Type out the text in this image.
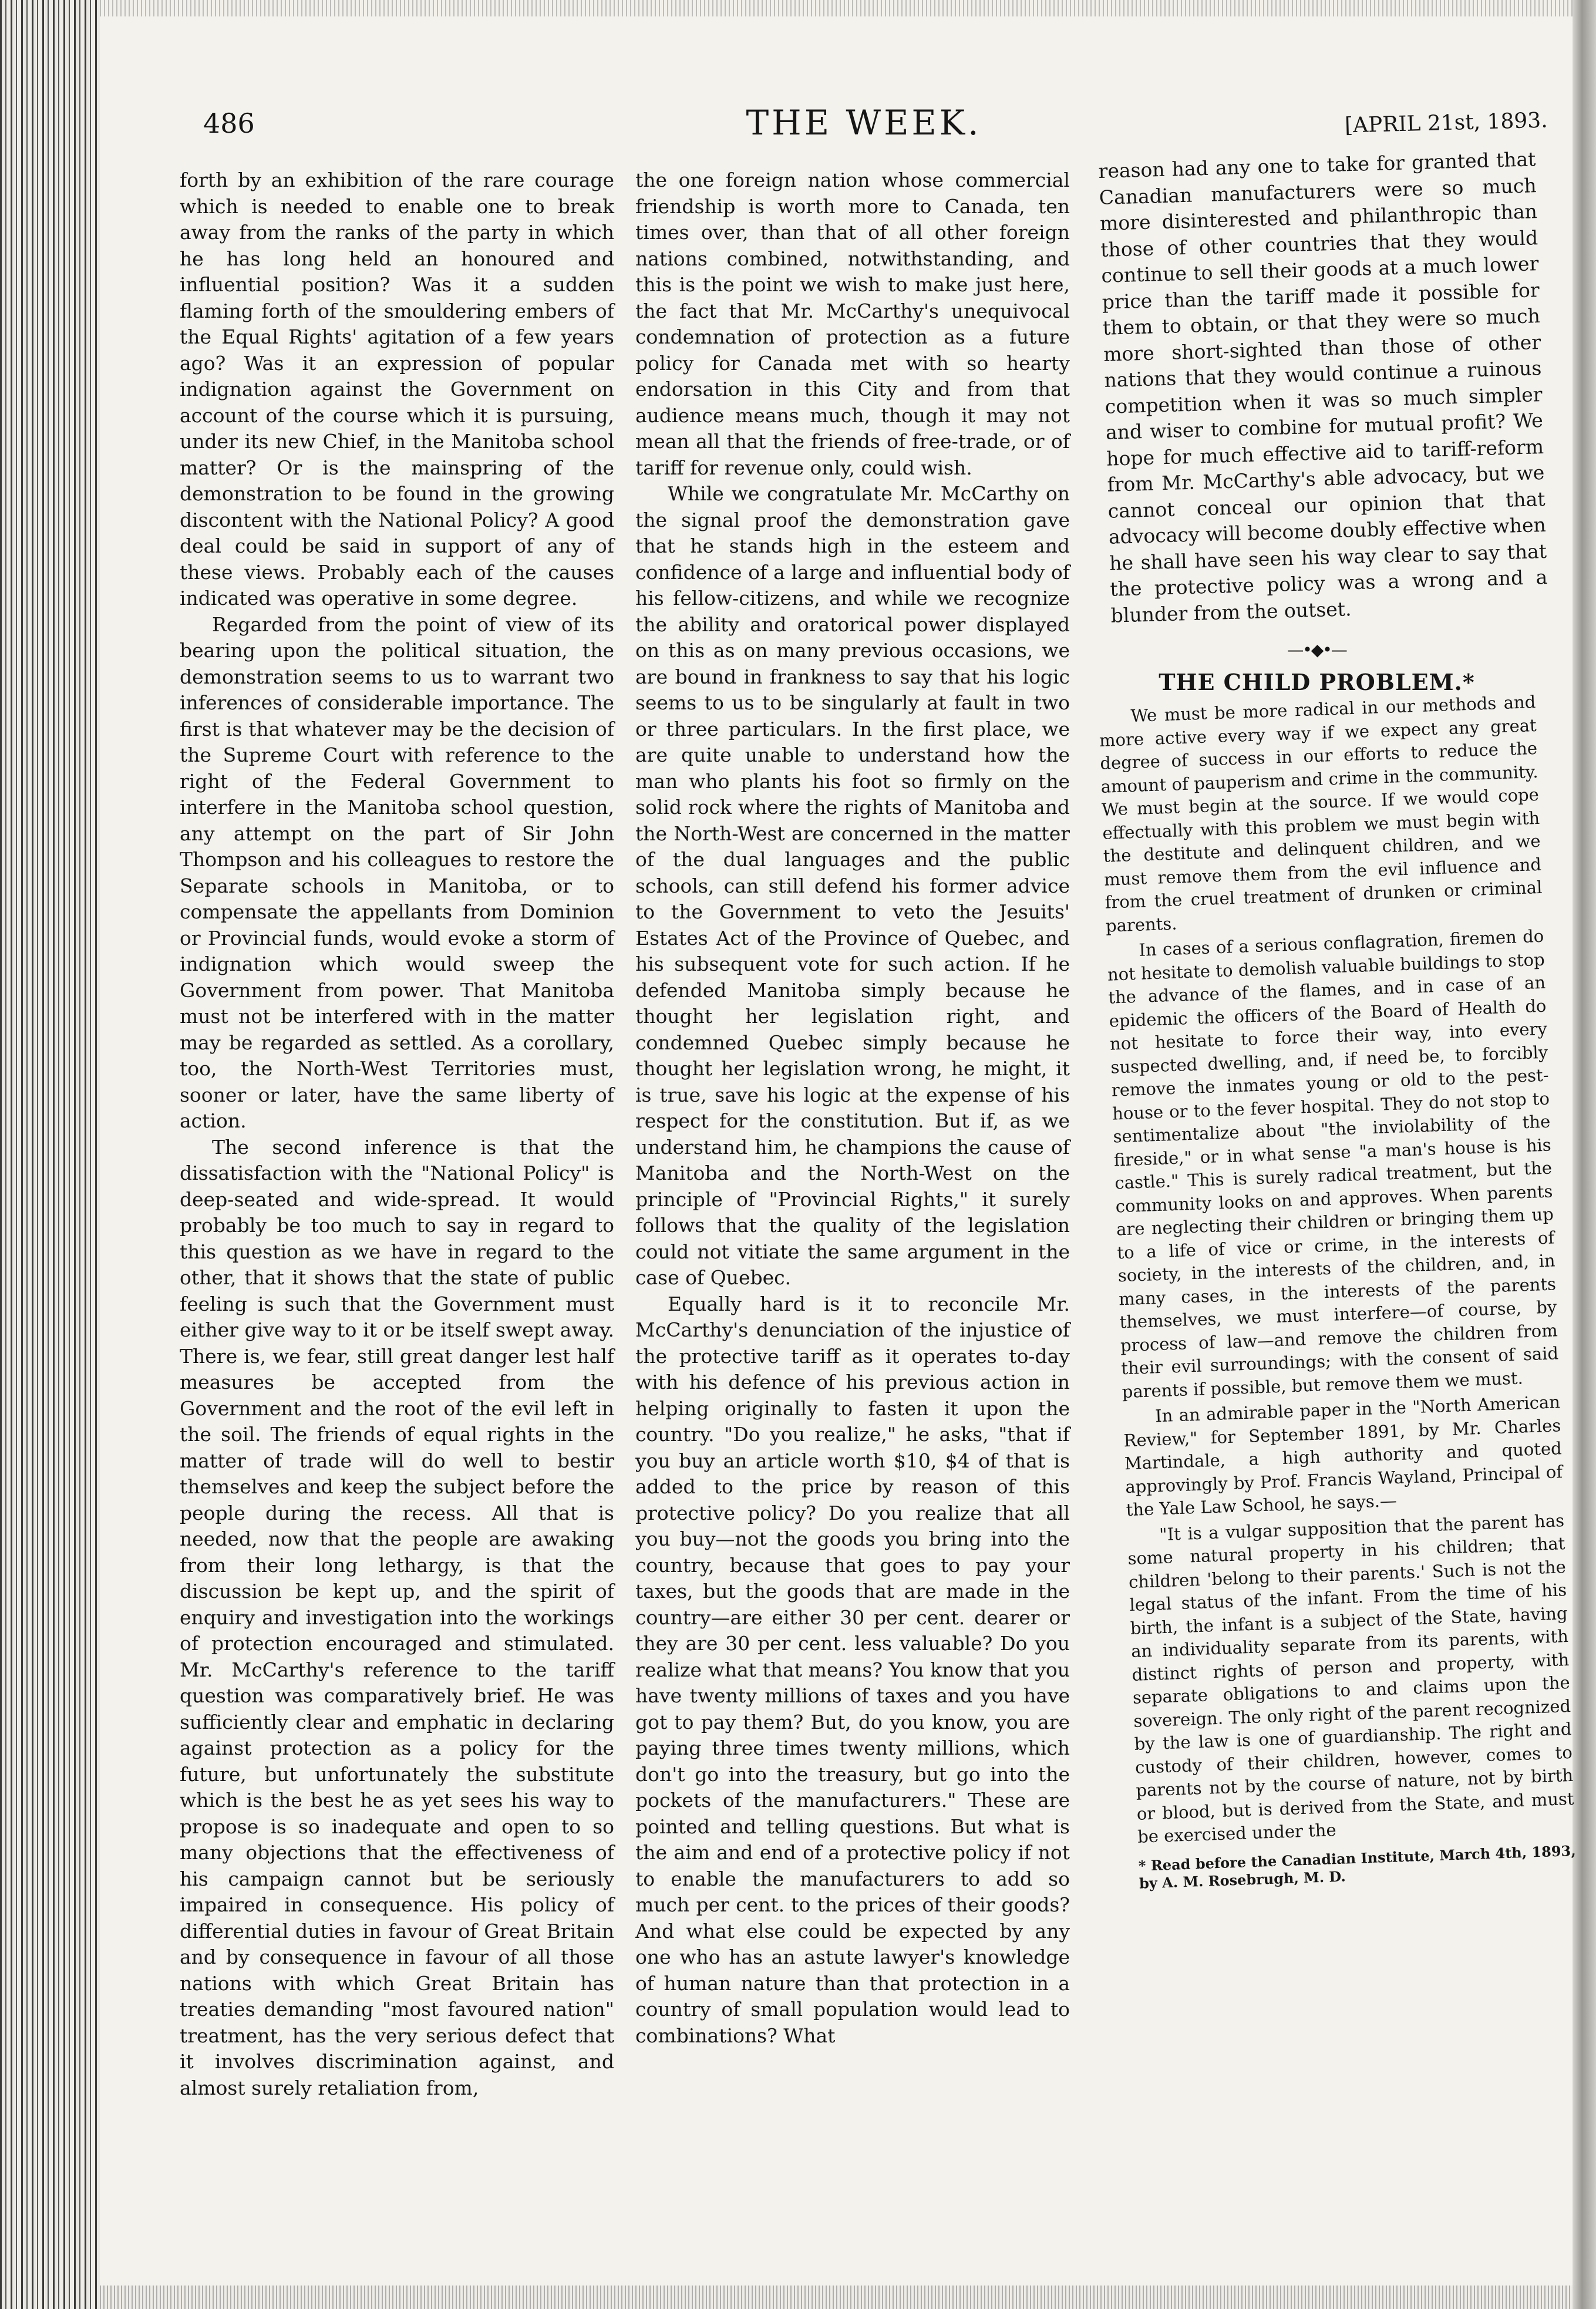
486	THE WEEK.	[APRIL 21st, 1893.

forth by an exhibition of the rare courage which is needed to enable one to break away from the ranks of the party in which he has long held an honoured and influential position? Was it a sudden flaming forth of the smouldering embers of the Equal Rights' agitation of a few years ago? Was it an expression of popular indignation against the Government on account of the course which it is pursuing, under its new Chief, in the Manitoba school matter? Or is the mainspring of the demonstration to be found in the growing discontent with the National Policy? A good deal could be said in support of any of these views. Probably each of the causes indicated was operative in some degree.

Regarded from the point of view of its bearing upon the political situation, the demonstration seems to us to warrant two inferences of considerable importance. The first is that whatever may be the decision of the Supreme Court with reference to the right of the Federal Government to interfere in the Manitoba school question, any attempt on the part of Sir John Thompson and his colleagues to restore the Separate schools in Manitoba, or to compensate the appellants from Dominion or Provincial funds, would evoke a storm of indignation which would sweep the Government from power. That Manitoba must not be interfered with in the matter may be regarded as settled. As a corollary, too, the North-West Territories must, sooner or later, have the same liberty of action.

The second inference is that the dissatisfaction with the "National Policy" is deep-seated and wide-spread. It would probably be too much to say in regard to this question as we have in regard to the other, that it shows that the state of public feeling is such that the Government must either give way to it or be itself swept away. There is, we fear, still great danger lest half measures be accepted from the Government and the root of the evil left in the soil. The friends of equal rights in the matter of trade will do well to bestir themselves and keep the subject before the people during the recess. All that is needed, now that the people are awaking from their long lethargy, is that the discussion be kept up, and the spirit of enquiry and investigation into the workings of protection encouraged and stimulated. Mr. McCarthy's reference to the tariff question was comparatively brief. He was sufficiently clear and emphatic in declaring against protection as a policy for the future, but unfortunately the substitute which is the best he as yet sees his way to propose is so inadequate and open to so many objections that the effectiveness of his campaign cannot but be seriously impaired in consequence. His policy of differential duties in favour of Great Britain and by consequence in favour of all those nations with which Great Britain has treaties demanding "most favoured nation" treatment, has the very serious defect that it involves discrimination against, and almost surely retaliation from,

the one foreign nation whose commercial friendship is worth more to Canada, ten times over, than that of all other foreign nations combined, notwithstanding, and this is the point we wish to make just here, the fact that Mr. McCarthy's unequivocal condemnation of protection as a future policy for Canada met with so hearty endorsation in this City and from that audience means much, though it may not mean all that the friends of free-trade, or of tariff for revenue only, could wish.

While we congratulate Mr. McCarthy on the signal proof the demonstration gave that he stands high in the esteem and confidence of a large and influential body of his fellow-citizens, and while we recognize the ability and oratorical power displayed on this as on many previous occasions, we are bound in frankness to say that his logic seems to us to be singularly at fault in two or three particulars. In the first place, we are quite unable to understand how the man who plants his foot so firmly on the solid rock where the rights of Manitoba and the North-West are concerned in the matter of the dual languages and the public schools, can still defend his former advice to the Government to veto the Jesuits' Estates Act of the Province of Quebec, and his subsequent vote for such action. If he defended Manitoba simply because he thought her legislation right, and condemned Quebec simply because he thought her legislation wrong, he might, it is true, save his logic at the expense of his respect for the constitution. But if, as we understand him, he champions the cause of Manitoba and the North-West on the principle of "Provincial Rights," it surely follows that the quality of the legislation could not vitiate the same argument in the case of Quebec.

Equally hard is it to reconcile Mr. McCarthy's denunciation of the injustice of the protective tariff as it operates to-day with his defence of his previous action in helping originally to fasten it upon the country. "Do you realize," he asks, "that if you buy an article worth $10, $4 of that is added to the price by reason of this protective policy? Do you realize that all you buy—not the goods you bring into the country, because that goes to pay your taxes, but the goods that are made in the country—are either 30 per cent. dearer or they are 30 per cent. less valuable? Do you realize what that means? You know that you have twenty millions of taxes and you have got to pay them? But, do you know, you are paying three times twenty millions, which don't go into the treasury, but go into the pockets of the manufacturers." These are pointed and telling questions. But what is the aim and end of a protective policy if not to enable the manufacturers to add so much per cent. to the prices of their goods? And what else could be expected by any one who has an astute lawyer's knowledge of human nature than that protection in a country of small population would lead to combinations? What

reason had any one to take for granted that Canadian manufacturers were so much more disinterested and philanthropic than those of other countries that they would continue to sell their goods at a much lower price than the tariff made it possible for them to obtain, or that they were so much more short-sighted than those of other nations that they would continue a ruinous competition when it was so much simpler and wiser to combine for mutual profit? We hope for much effective aid to tariff-reform from Mr. McCarthy's able advocacy, but we cannot conceal our opinion that that advocacy will become doubly effective when he shall have seen his way clear to say that the protective policy was a wrong and a blunder from the outset.

—•◆•—
THE CHILD PROBLEM.*

We must be more radical in our methods and more active every way if we expect any great degree of success in our efforts to reduce the amount of pauperism and crime in the community. We must begin at the source. If we would cope effectually with this problem we must begin with the destitute and delinquent children, and we must remove them from the evil influence and from the cruel treatment of drunken or criminal parents.

In cases of a serious conflagration, firemen do not hesitate to demolish valuable buildings to stop the advance of the flames, and in case of an epidemic the officers of the Board of Health do not hesitate to force their way, into every suspected dwelling, and, if need be, to forcibly remove the inmates young or old to the pest-house or to the fever hospital. They do not stop to sentimentalize about "the inviolability of the fireside," or in what sense "a man's house is his castle." This is surely radical treatment, but the community looks on and approves. When parents are neglecting their children or bringing them up to a life of vice or crime, in the interests of society, in the interests of the children, and, in many cases, in the interests of the parents themselves, we must interfere—of course, by process of law—and remove the children from their evil surroundings; with the consent of said parents if possible, but remove them we must.

In an admirable paper in the "North American Review," for September 1891, by Mr. Charles Martindale, a high authority and quoted approvingly by Prof. Francis Wayland, Principal of the Yale Law School, he says.—

"It is a vulgar supposition that the parent has some natural property in his children; that children 'belong to their parents.' Such is not the legal status of the infant. From the time of his birth, the infant is a subject of the State, having an individuality separate from its parents, with distinct rights of person and property, with separate obligations to and claims upon the sovereign. The only right of the parent recognized by the law is one of guardianship. The right and custody of their children, however, comes to parents not by the course of nature, not by birth or blood, but is derived from the State, and must be exercised under the

* Read before the Canadian Institute, March 4th, 1893, by A. M. Rosebrugh, M. D.
